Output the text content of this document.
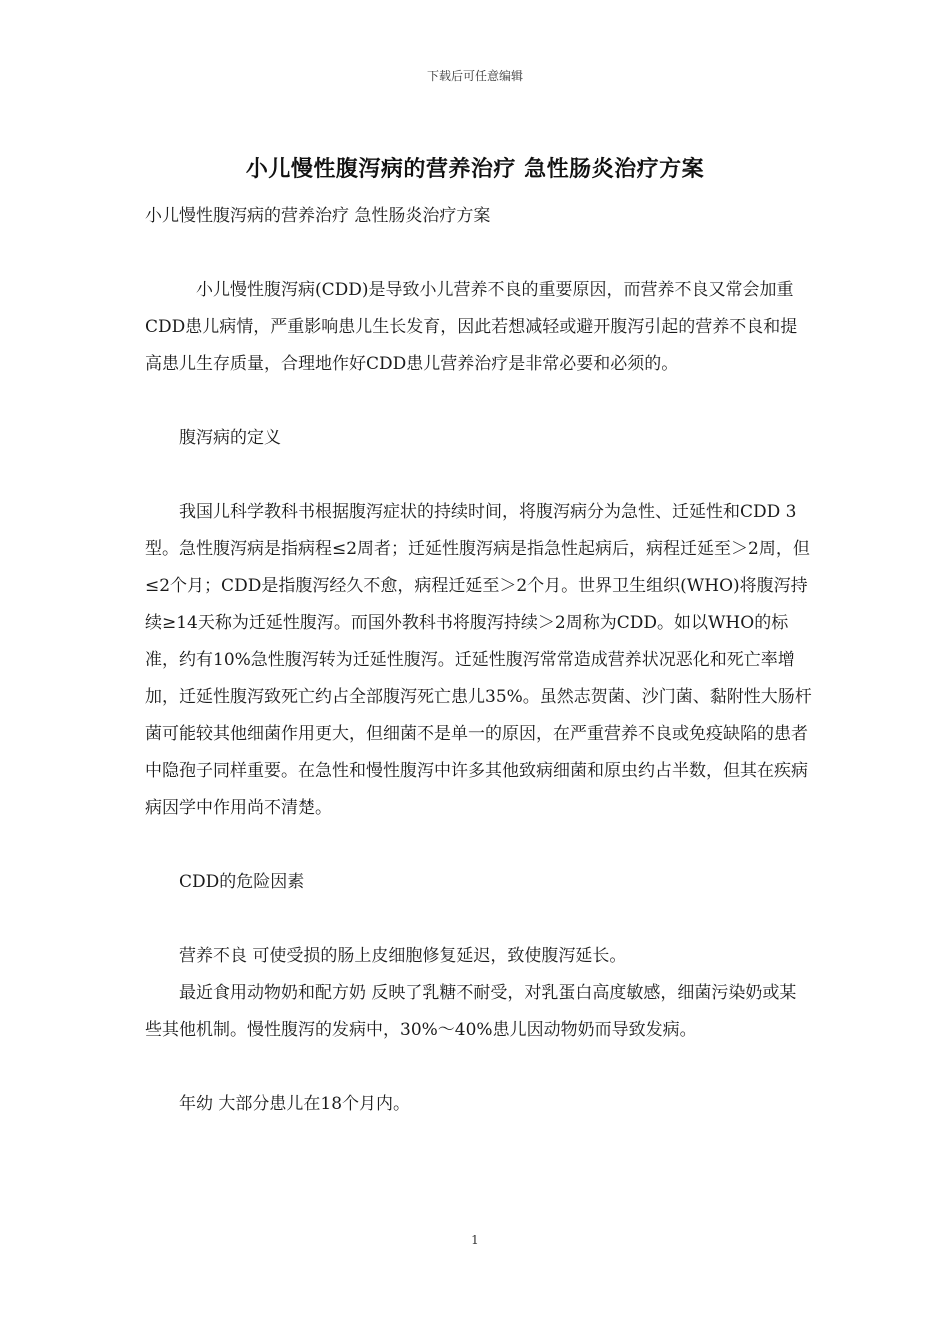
下载后可任意编辑
小儿慢性腹泻病的营养治疗 急性肠炎治疗方案

小儿慢性腹泻病的营养治疗 急性肠炎治疗方案

小儿慢性腹泻病(CDD)是导致小儿营养不良的重要原因，而营养不良又常会加重CDD患儿病情，严重影响患儿生长发育，因此若想减轻或避开腹泻引起的营养不良和提高患儿生存质量，合理地作好CDD患儿营养治疗是非常必要和必须的。

腹泻病的定义

我国儿科学教科书根据腹泻症状的持续时间，将腹泻病分为急性、迁延性和CDD 3型。急性腹泻病是指病程≤2周者；迁延性腹泻病是指急性起病后，病程迁延至＞2周，但≤2个月；CDD是指腹泻经久不愈，病程迁延至＞2个月。世界卫生组织(WHO)将腹泻持续≥14天称为迁延性腹泻。而国外教科书将腹泻持续＞2周称为CDD。如以WHO的标准，约有10%急性腹泻转为迁延性腹泻。迁延性腹泻常常造成营养状况恶化和死亡率增加，迁延性腹泻致死亡约占全部腹泻死亡患儿35%。虽然志贺菌、沙门菌、黏附性大肠杆菌可能较其他细菌作用更大，但细菌不是单一的原因，在严重营养不良或免疫缺陷的患者中隐孢子同样重要。在急性和慢性腹泻中许多其他致病细菌和原虫约占半数，但其在疾病病因学中作用尚不清楚。

CDD的危险因素

营养不良 可使受损的肠上皮细胞修复延迟，致使腹泻延长。

最近食用动物奶和配方奶 反映了乳糖不耐受，对乳蛋白高度敏感，细菌污染奶或某些其他机制。慢性腹泻的发病中，30%～40%患儿因动物奶而导致发病。

年幼 大部分患儿在18个月内。

1
